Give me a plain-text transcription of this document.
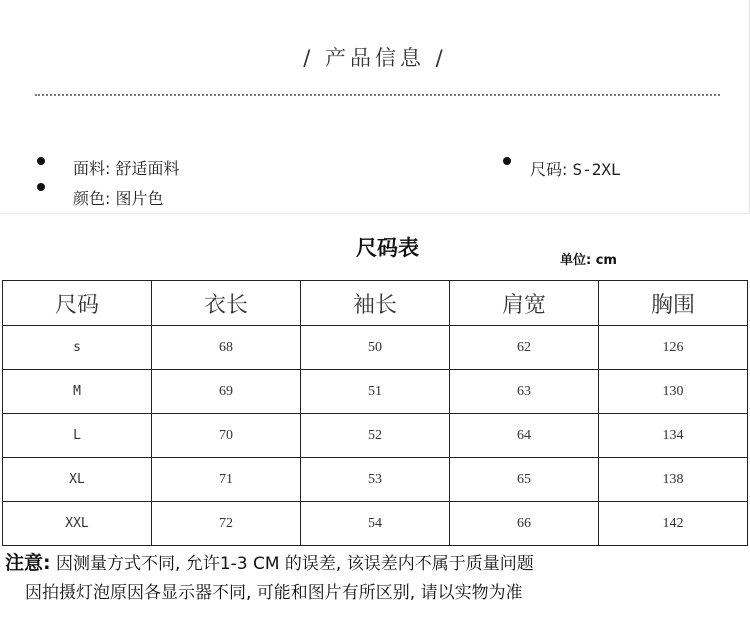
/ 产品信息 /
面料: 舒适面料
颜色: 图片色
尺码: S-2XL
尺码表
单位: cm
尺码	衣长	袖长	肩宽	胸围
s	68	50	62	126
M	69	51	63	130
L	70	52	64	134
XL	71	53	65	138
XXL	72	54	66	142
注意: 因测量方式不同, 允许1-3 CM 的误差, 该误差内不属于质量问题
因拍摄灯泡原因各显示器不同, 可能和图片有所区别, 请以实物为准
